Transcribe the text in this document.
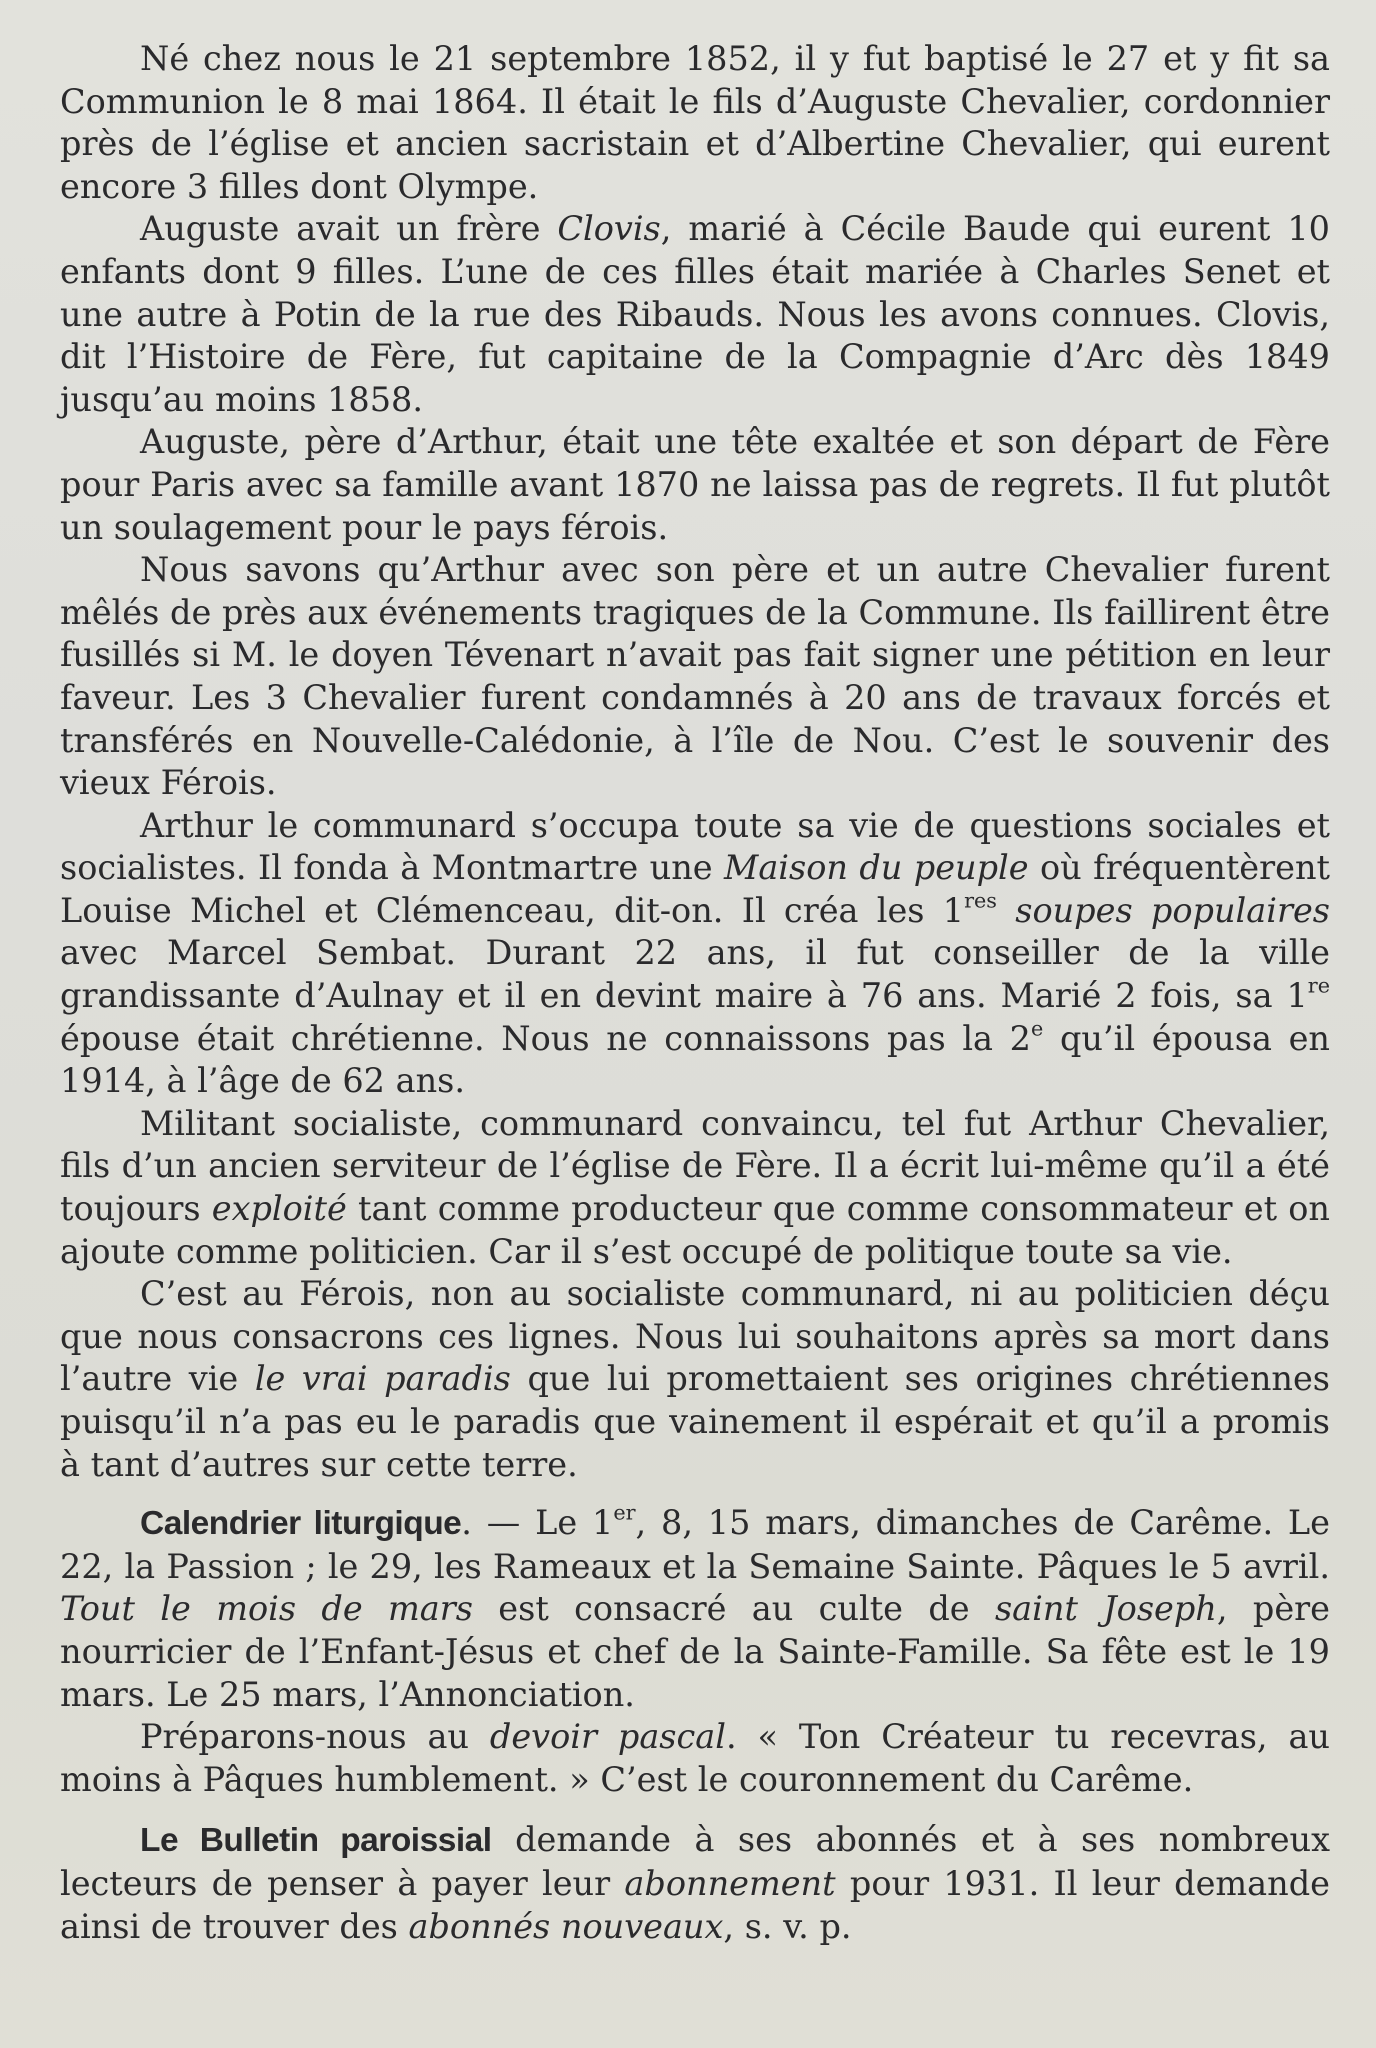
Né chez nous le 21 septembre 1852, il y fut baptisé le 27 et y fit sa Communion le 8 mai 1864. Il était le fils d’Auguste Chevalier, cordonnier près de l’église et ancien sacristain et d’Albertine Chevalier, qui eurent encore 3 filles dont Olympe.

Auguste avait un frère Clovis, marié à Cécile Baude qui eurent 10 enfants dont 9 filles. L’une de ces filles était mariée à Charles Senet et une autre à Potin de la rue des Ribauds. Nous les avons connues. Clovis, dit l’Histoire de Fère, fut capitaine de la Compagnie d’Arc dès 1849 jusqu’au moins 1858.

Auguste, père d’Arthur, était une tête exaltée et son départ de Fère pour Paris avec sa famille avant 1870 ne laissa pas de regrets. Il fut plutôt un soulagement pour le pays férois.

Nous savons qu’Arthur avec son père et un autre Chevalier furent mêlés de près aux événements tragiques de la Commune. Ils faillirent être fusillés si M. le doyen Tévenart n’avait pas fait signer une pétition en leur faveur. Les 3 Chevalier furent condamnés à 20 ans de travaux forcés et transférés en Nouvelle-Calédonie, à l’île de Nou. C’est le souvenir des vieux Férois.

Arthur le communard s’occupa toute sa vie de questions sociales et socialistes. Il fonda à Montmartre une Maison du peuple où fréquentèrent Louise Michel et Clémenceau, dit-on. Il créa les 1res soupes populaires avec Marcel Sembat. Durant 22 ans, il fut conseiller de la ville grandissante d’Aulnay et il en devint maire à 76 ans. Marié 2 fois, sa 1re épouse était chrétienne. Nous ne connaissons pas la 2e qu’il épousa en 1914, à l’âge de 62 ans.

Militant socialiste, communard convaincu, tel fut Arthur Chevalier, fils d’un ancien serviteur de l’église de Fère. Il a écrit lui-même qu’il a été toujours exploité tant comme producteur que comme consommateur et on ajoute comme politicien. Car il s’est occupé de politique toute sa vie.

C’est au Férois, non au socialiste communard, ni au politicien déçu que nous consacrons ces lignes. Nous lui souhaitons après sa mort dans l’autre vie le vrai paradis que lui promettaient ses origines chrétiennes puisqu’il n’a pas eu le paradis que vainement il espérait et qu’il a promis à tant d’autres sur cette terre.

Calendrier liturgique. — Le 1er, 8, 15 mars, dimanches de Carême. Le 22, la Passion ; le 29, les Rameaux et la Semaine Sainte. Pâques le 5 avril. Tout le mois de mars est consacré au culte de saint Joseph, père nourricier de l’Enfant-Jésus et chef de la Sainte-Famille. Sa fête est le 19 mars. Le 25 mars, l’Annonciation.

Préparons-nous au devoir pascal. « Ton Créateur tu recevras, au moins à Pâques humblement. » C’est le couronnement du Carême.

Le Bulletin paroissial demande à ses abonnés et à ses nombreux lecteurs de penser à payer leur abonnement pour 1931. Il leur demande ainsi de trouver des abonnés nouveaux, s. v. p.
